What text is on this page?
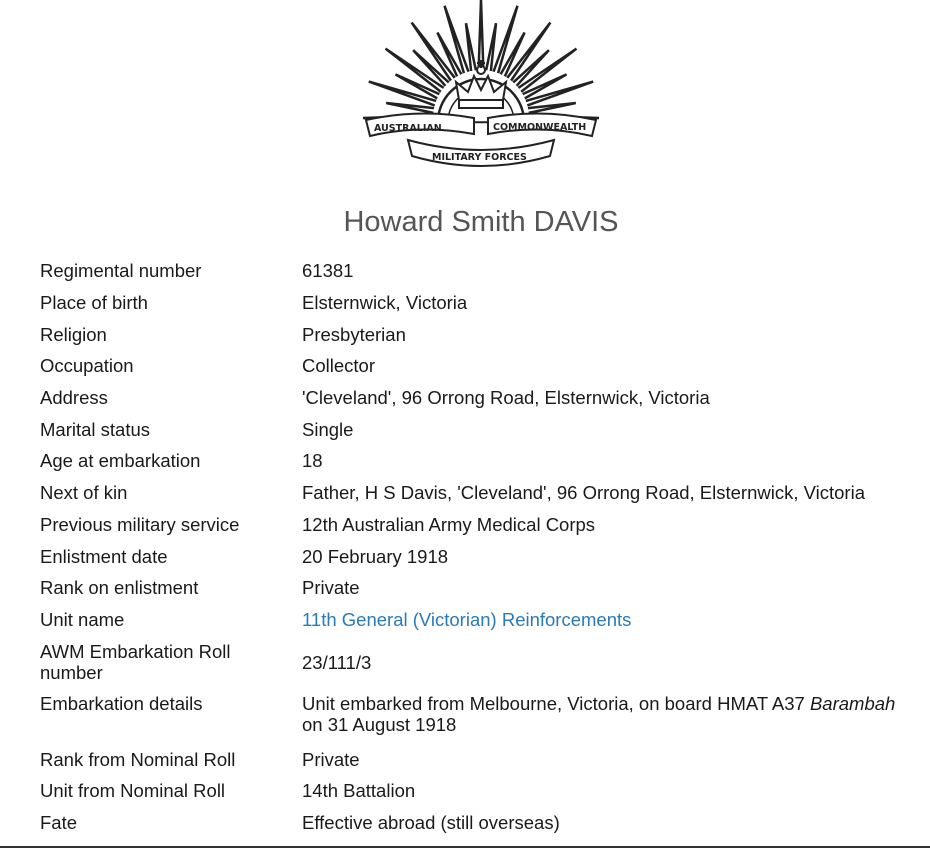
AUSTRALIAN	COMMONWEALTH
MILITARY FORCES
Howard Smith DAVIS
Regimental number	61381
Place of birth	Elsternwick, Victoria
Religion	Presbyterian
Occupation	Collector
Address	'Cleveland', 96 Orrong Road, Elsternwick, Victoria
Marital status	Single
Age at embarkation	18
Next of kin	Father, H S Davis, 'Cleveland', 96 Orrong Road, Elsternwick, Victoria
Previous military service	12th Australian Army Medical Corps
Enlistment date	20 February 1918
Rank on enlistment	Private
Unit name	11th General (Victorian) Reinforcements
AWM Embarkation Roll number	23/111/3
Embarkation details	Unit embarked from Melbourne, Victoria, on board HMAT A37 Barambah
on 31 August 1918
Rank from Nominal Roll	Private
Unit from Nominal Roll	14th Battalion
Fate	Effective abroad (still overseas)
